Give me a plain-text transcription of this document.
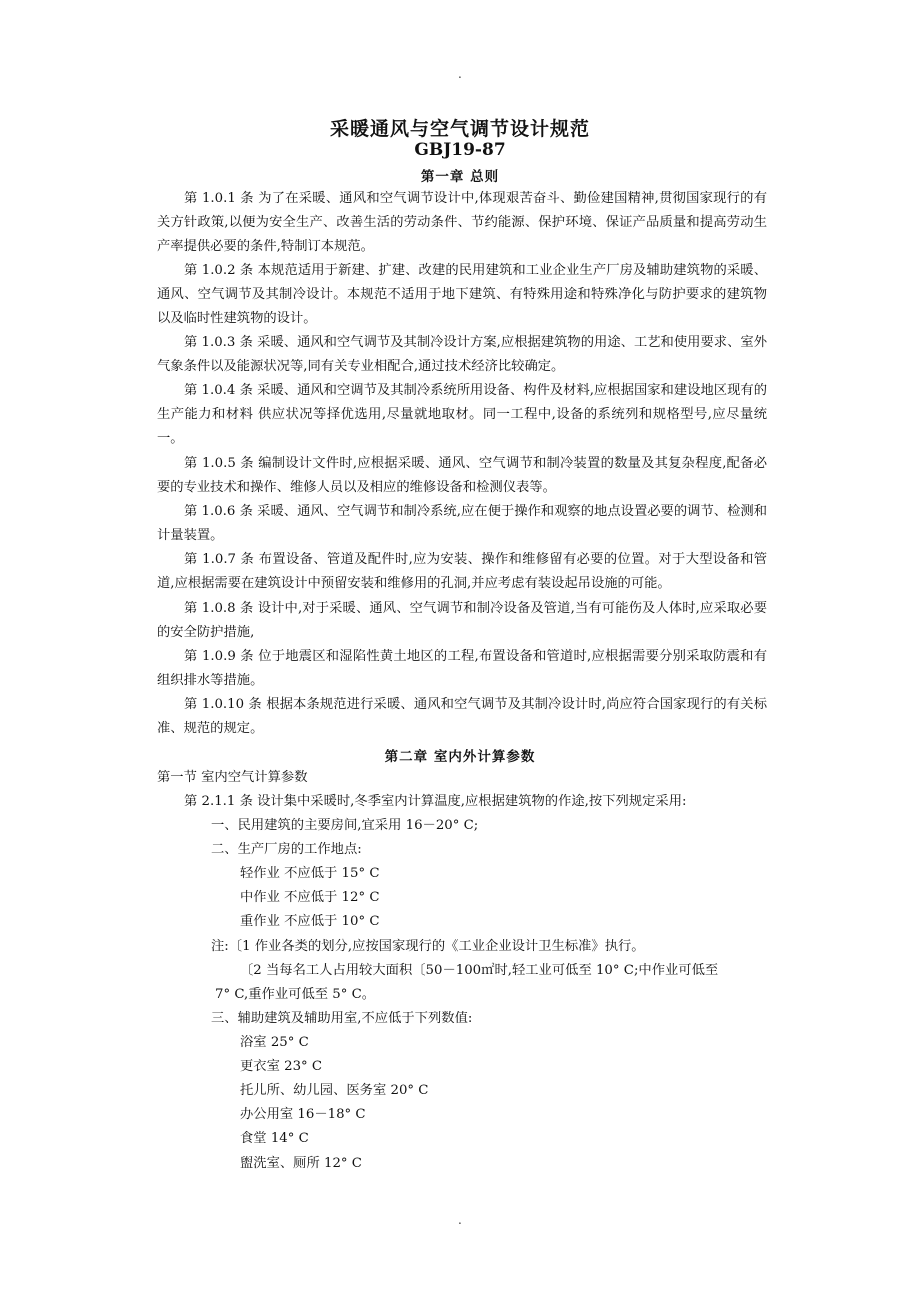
.
采暖通风与空气调节设计规范
GBJ19-87
第一章 总则

第 1.0.1 条 为了在采暖、通风和空气调节设计中,体现艰苦奋斗、勤俭建国精神,贯彻国家现行的有关方针政策,以便为安全生产、改善生活的劳动条件、节约能源、保护环境、保证产品质量和提高劳动生产率提供必要的条件,特制订本规范。

第 1.0.2 条 本规范适用于新建、扩建、改建的民用建筑和工业企业生产厂房及辅助建筑物的采暖、通风、空气调节及其制冷设计。本规范不适用于地下建筑、有特殊用途和特殊净化与防护要求的建筑物以及临时性建筑物的设计。

第 1.0.3 条 采暖、通风和空气调节及其制冷设计方案,应根据建筑物的用途、工艺和使用要求、室外气象条件以及能源状况等,同有关专业相配合,通过技术经济比较确定。

第 1.0.4 条 采暖、通风和空调节及其制冷系统所用设备、构件及材料,应根据国家和建设地区现有的生产能力和材料 供应状况等择优选用,尽量就地取材。同一工程中,设备的系统列和规格型号,应尽量统一。

第 1.0.5 条 编制设计文件时,应根据采暖、通风、空气调节和制冷装置的数量及其复杂程度,配备必要的专业技术和操作、维修人员以及相应的维修设备和检测仪表等。

第 1.0.6 条 采暖、通风、空气调节和制冷系统,应在便于操作和观察的地点设置必要的调节、检测和计量装置。

第 1.0.7 条 布置设备、管道及配件时,应为安装、操作和维修留有必要的位置。对于大型设备和管道,应根据需要在建筑设计中预留安装和维修用的孔洞,并应考虑有装设起吊设施的可能。

第 1.0.8 条 设计中,对于采暖、通风、空气调节和制冷设备及管道,当有可能伤及人体时,应采取必要的安全防护措施,

第 1.0.9 条 位于地震区和湿陷性黄土地区的工程,布置设备和管道时,应根据需要分别采取防震和有组织排水等措施。

第 1.0.10 条 根据本条规范进行采暖、通风和空气调节及其制冷设计时,尚应符合国家现行的有关标准、规范的规定。

第二章 室内外计算参数
第一节 室内空气计算参数
第 2.1.1 条 设计集中采暖时,冬季室内计算温度,应根据建筑物的作途,按下列规定采用:
一、民用建筑的主要房间,宜采用 16－20° C;
二、生产厂房的工作地点:
轻作业 不应低于 15° C
中作业 不应低于 12° C
重作业 不应低于 10° C
注:〔1 作业各类的划分,应按国家现行的《工业企业设计卫生标准》执行。
〔2 当每名工人占用较大面积〔50－100㎡时,轻工业可低至 10° C;中作业可低至
7° C,重作业可低至 5° C。
三、辅助建筑及辅助用室,不应低于下列数值:
浴室 25° C
更衣室 23° C
托儿所、幼儿园、医务室 20° C
办公用室 16－18° C
食堂 14° C
盥洗室、厕所 12° C
.
